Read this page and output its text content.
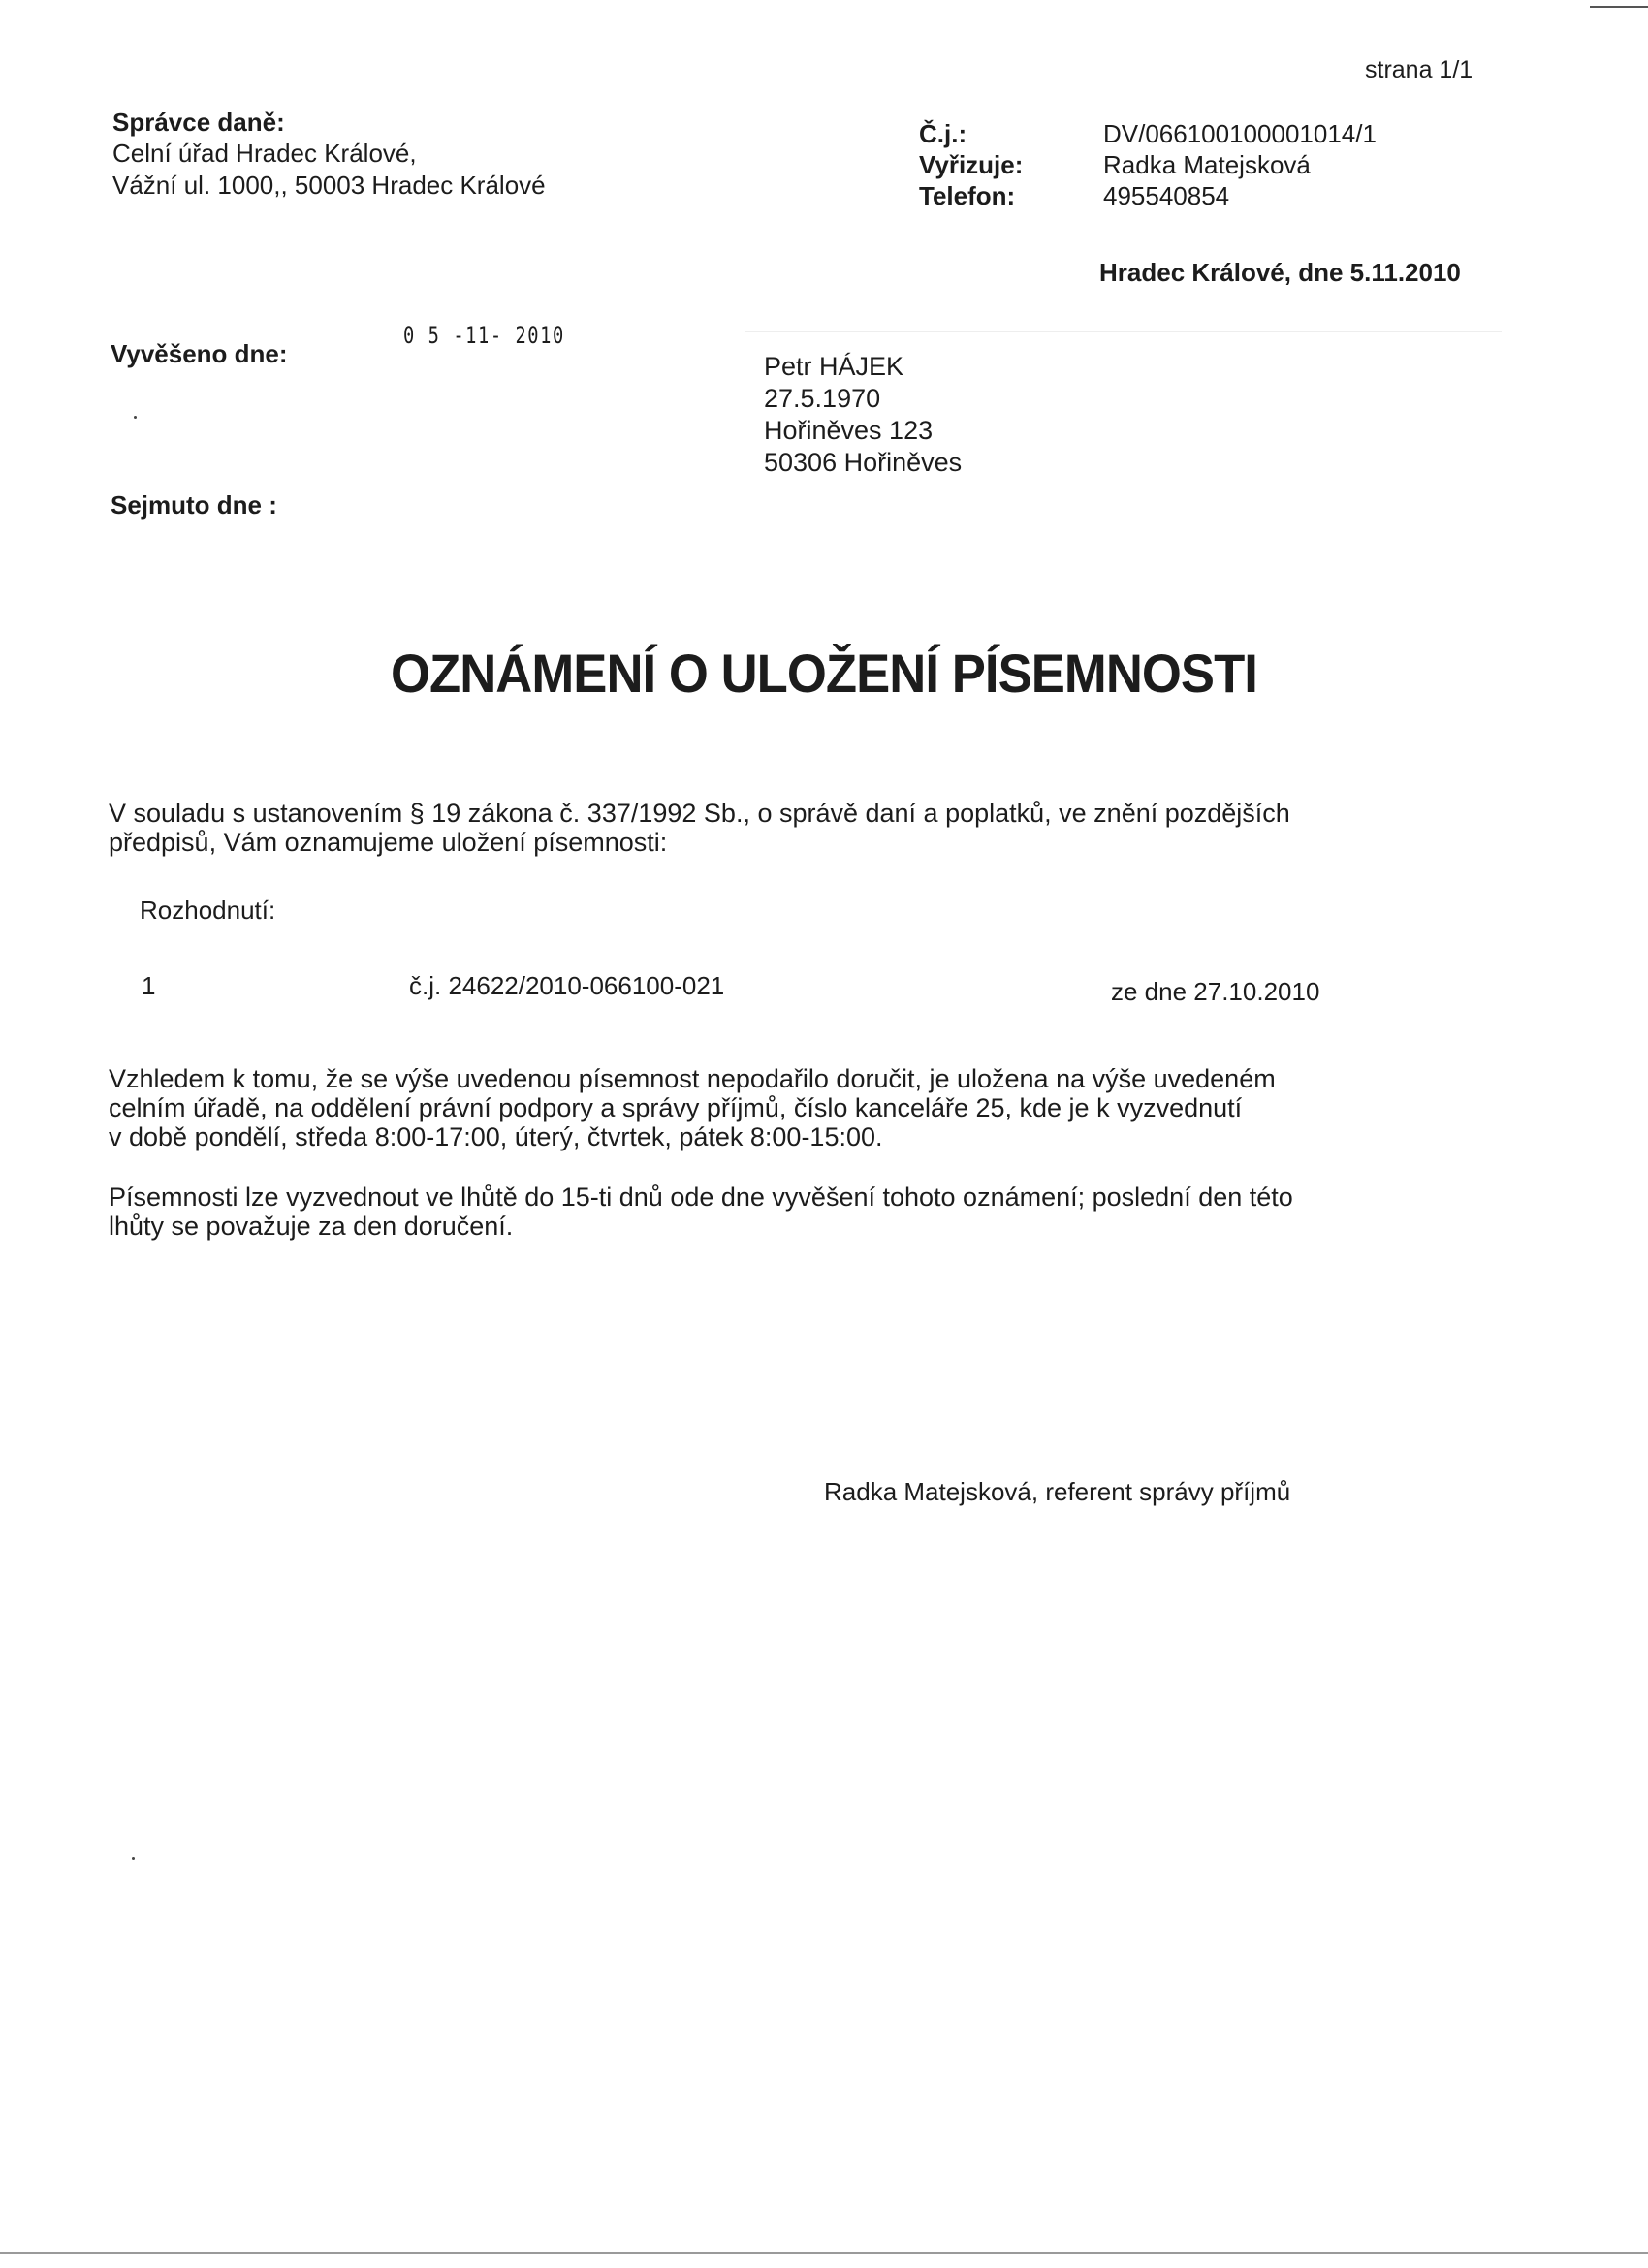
strana 1/1
Správce daně:
Celní úřad Hradec Králové,
Vážní ul. 1000,, 50003 Hradec Králové
Č.j.:
Vyřizuje:
Telefon:
DV/066100100001014/1
Radka Matejsková
495540854
Hradec Králové, dne 5.11.2010
Vyvěšeno dne:
0 5 -11- 2010
Sejmuto dne :
Petr HÁJEK
27.5.1970
Hořiněves 123
50306 Hořiněves
OZNÁMENÍ O ULOŽENÍ PÍSEMNOSTI
V souladu s ustanovením § 19 zákona č. 337/1992 Sb., o správě daní a poplatků, ve znění pozdějších
předpisů, Vám oznamujeme uložení písemnosti:
Rozhodnutí:
1	č.j. 24622/2010-066100-021	ze dne 27.10.2010
Vzhledem k tomu, že se výše uvedenou písemnost nepodařilo doručit, je uložena na výše uvedeném
celním úřadě, na oddělení právní podpory a správy příjmů, číslo kanceláře 25, kde je k vyzvednutí
v době pondělí, středa 8:00-17:00, úterý, čtvrtek, pátek 8:00-15:00.
Písemnosti lze vyzvednout ve lhůtě do 15-ti dnů ode dne vyvěšení tohoto oznámení; poslední den této
lhůty se považuje za den doručení.
Radka Matejsková, referent správy příjmů
